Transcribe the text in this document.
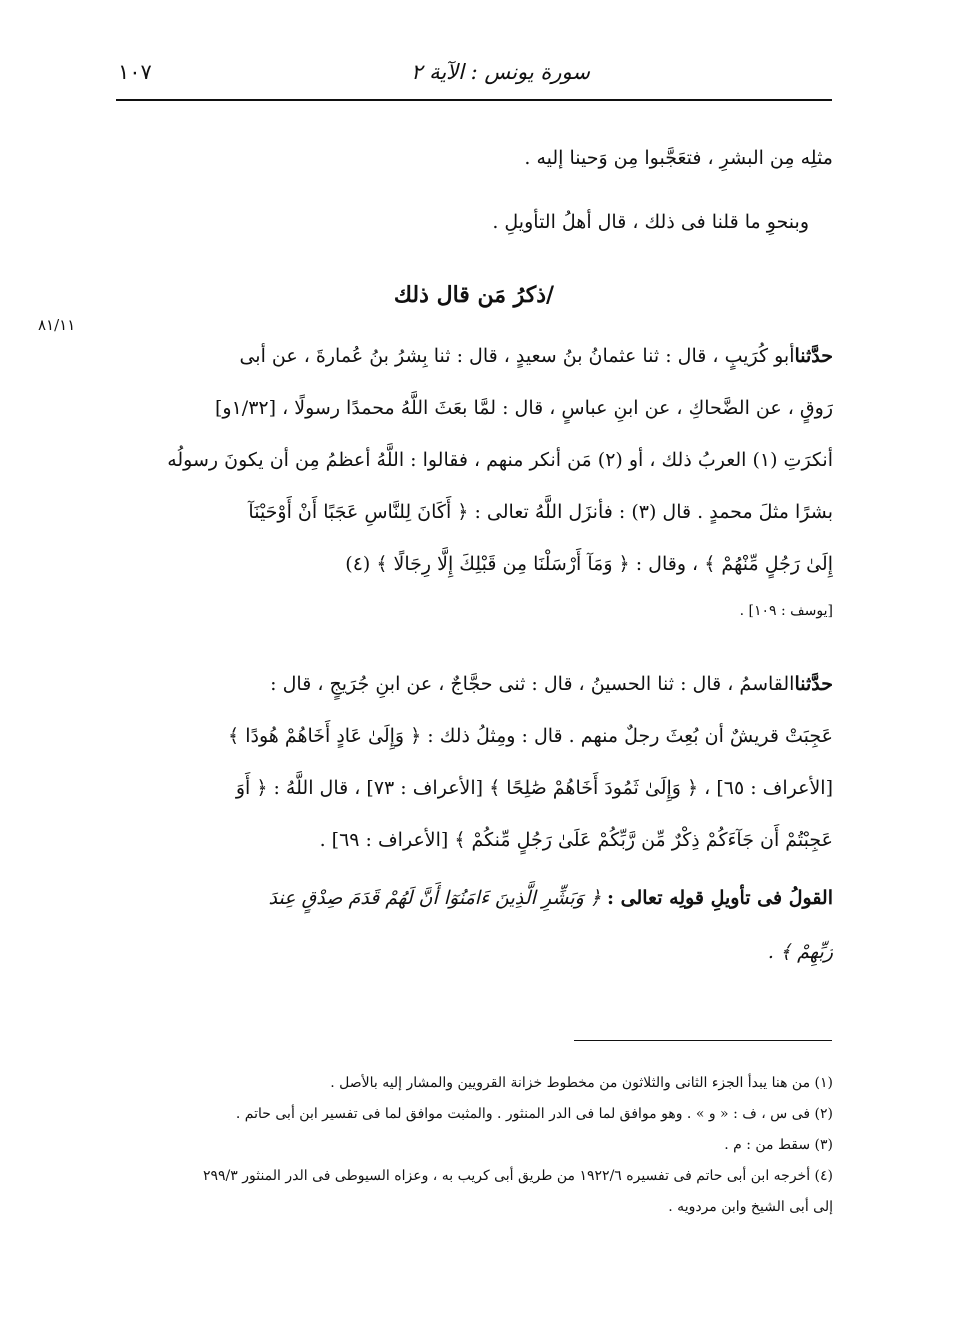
سورة يونس : الآية ٢
١٠٧
٨١/١١
مثلِه مِن البشرِ ، فتعَجَّبوا مِن وَحينا إليه .
وبنحوِ ما قلنا فى ذلك ، قال أهلُ التأويلِ .
/ذكرُ مَن قال ذلك
حدَّثناأبو كُرَيبٍ ، قال : ثنا عثمانُ بنُ سعيدٍ ، قال : ثنا بِشرُ بنُ عُمارةَ ، عن أبى
رَوقٍ ، عن الضَّحاكِ ، عن ابنِ عباسٍ ، قال : لمَّا بعَثَ اللَّهُ محمدًا رسولًا ، [١/٣٢و]
أنكرَتِ (١) العربُ ذلك ، أو (٢) مَن أنكر منهم ، فقالوا : اللَّهُ أعظمُ مِن أن يكونَ رسولُه
بشرًا مثلَ محمدٍ . قال (٣) : فأنزَل اللَّهُ تعالى : ﴿ أَكَانَ لِلنَّاسِ عَجَبًا أَنْ أَوْحَيْنَآ
إِلَىٰ رَجُلٍ مِّنْهُمْ ﴾ ، وقال : ﴿ وَمَآ أَرْسَلْنَا مِن قَبْلِكَ إِلَّا رِجَالًا ﴾ (٤)
[يوسف : ١٠٩] .
حدَّثناالقاسمُ ، قال : ثنا الحسينُ ، قال : ثنى حجَّاجٌ ، عن ابنِ جُرَيجٍ ، قال :
عَجِبَتْ قريشٌ أن بُعِثَ رجلٌ منهم . قال : ومِثلُ ذلك : ﴿ وَإِلَىٰ عَادٍ أَخَاهُمْ هُودًا ﴾
[الأعراف : ٦٥] ، ﴿ وَإِلَىٰ ثَمُودَ أَخَاهُمْ صَٰلِحًا ﴾ [الأعراف : ٧٣] ، قال اللَّهُ : ﴿ أَوَ
عَجِبْتُمْ أَن جَآءَكُمْ ذِكْرٌ مِّن رَّبِّكُمْ عَلَىٰ رَجُلٍ مِّنكُمْ ﴾ [الأعراف : ٦٩] .
القولُ فى تأويلِ قولِه تعالى : ﴿ وَبَشِّرِ الَّذِينَ ءَامَنُوٓا أَنَّ لَهُمْ قَدَمَ صِدْقٍ عِندَ
رَبِّهِمْ ﴾ .
(١) من هنا يبدأ الجزء الثانى والثلاثون من مخطوط خزانة القرويين والمشار إليه بالأصل .
(٢) فى س ، ف : « و » . وهو موافق لما فى الدر المنثور . والمثبت موافق لما فى تفسير ابن أبى حاتم .
(٣) سقط من : م .
(٤) أخرجه ابن أبى حاتم فى تفسيره ١٩٢٢/٦ من طريق أبى كريب به ، وعزاه السيوطى فى الدر المنثور ٢٩٩/٣
إلى أبى الشيخ وابن مردويه .
